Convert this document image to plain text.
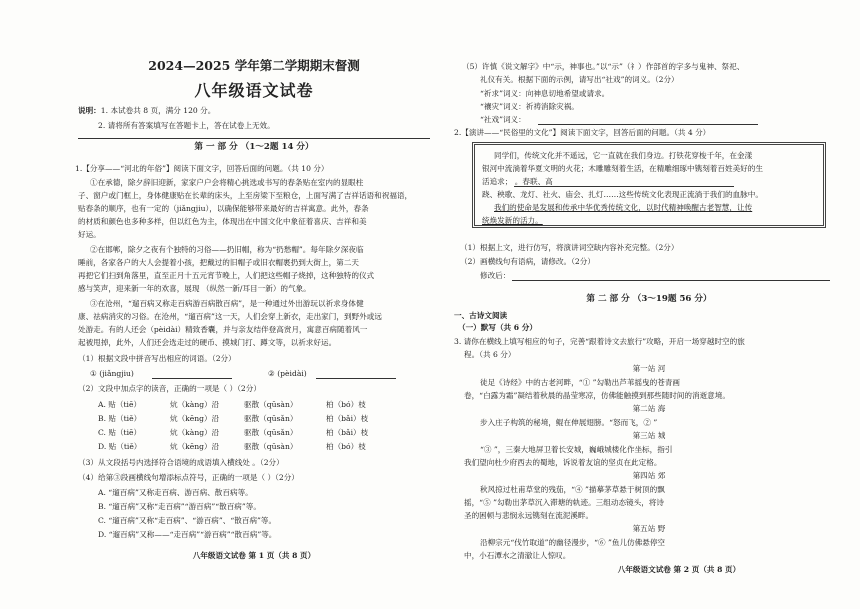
2024—2025 学年第二学期期末督测
八年级语文试卷
说明：1. 本试卷共 8 页，满分 120 分。
2. 请将所有答案填写在答题卡上，答在试卷上无效。
第 一 部 分 （1～2题 14 分）
1.【分享——“河北的年俗”】阅读下面文字，回答后面的问题。（共 10 分）
①在承德，除夕辞旧迎新，家家户户会将精心挑选或书写的春条贴在室内的显眼柱
子、窗户或门框上，身体健康贴在长辈的床头，上至房梁下至粮仓，上面写满了吉祥话语和祝福语，
贴春条的顺序，也有一定的（jiǎngjiu），以确保能够带来最好的吉祥寓意。此外，春条
的材质和颜色也多种多样，但以红色为主，体现出在中国文化中象征着喜庆、吉祥和美
好运。
②在邯郸，除夕之夜有个独特的习俗——扔旧帽，称为“扔愁帽”。每年除夕深夜临
睡前，各家各户的大人会提着小孩，把戴过的旧帽子或旧衣帽裹扔到大街上，第二天
再把它们扫到角落里，直至正月十五元宵节晚上，人们把这些帽子烧掉，这种独特的仪式
感与笑声，迎来新一年的欢喜，展现 （纵然一新/耳目一新）的气象。
③在沧州，“遛百病又称走百病游百病散百病”，是一种通过外出游玩以祈求身体健
康、祛病消灾的习俗。在沧州，“遛百病”这一天，人们会穿上新衣，走出家门，到野外或远
处游走。有的人还会（pèidài）精致香囊，并与亲友结伴登高赏月，寓意百病随着风一
起被甩掉，此外，人们还会选走过的硬币、摸城门打、蹲文等，以祈求好运。
（1）根据文段中拼音写出相应的词语。（2分）
① (jiǎngjiu)	② (pèidài)
（2）文段中加点字的读音，正确的一项是（ ）（2分）
A. 贴（tiē）	炕（kàng）沿	驱散（qūsàn）	柏（bó）枝
B. 贴（tiě）	炕（kēng）沿	驱散（qūsǎn）	柏（bǎi）枝
C. 贴（tiē）	炕（kàng）沿	驱散（qūsǎn）	柏（bǎi）枝
D. 贴（tiě）	炕（kēng）沿	驱散（qūsàn）	柏（bó）枝
（3）从文段括号内选择符合语境的成语填入横线处 。（2分）
（4）给第③段画横线句增添标点符号，正确的一项是（ ）（2分）
A. “遛百病”又称走百病、游百病、散百病等。
B. “遛百病”又称“走百病”“游百病”“散百病”等。
C. “遛百病”又称“走百病”、“游百病”、“散百病”等。
D. “遛百病”又称——“走百病”“游百病”“散百病”等。
八年级语文试卷 第 1 页（共 8 页）
（5）许慎《说文解字》中“示，神事也。”以“示”（礻）作部首的字多与鬼神、祭祀、
礼仪有关。根据下面的示例，请写出“社戏”的词义。（2分）
“祈求”词义：向神息切地希望或请求。
“禳灾”词义：祈祷消除灾祸。
“社戏”词义：
2.【演讲——“民俗里的文化”】阅读下面文字，回答后面的问题。（共 4 分）
同学们，传统文化并不遥远，它一直就在我们身边。打铁花穿梭千年，在金漾
银河中流淌着华夏文明的火花；木雕雕刻着生活，在精雕细琢中镌刻着百姓美好的生
活追求； 。春联、高
跷、秧歌、龙灯、社火、庙会、扎灯……这些传统文化表现正流淌于我们的血脉中。
我们的使命是发展和传承中华优秀传统文化，以时代精神唤醒古老智慧，让传
统焕发新的活力。
（1）根据上文，进行仿写，将演讲词空缺内容补充完整。（2分）
（2）画横线句有语病，请修改。（2分）
修改后：
第 二 部 分 （3～19题 56 分）
一、古诗文阅读
（一）默写（共 6 分）
3. 请你在横线上填写相应的句子，完善“跟着诗文去旅行”攻略，开启一场穿越时空的旅
程。（共 6 分）
第一站 河
徒足《诗经》中的古老河畔，“① ”勾勒出芦苇摇曳的苍青画
卷，“白露为霜”凝结着秋晨的晶莹寒凉，仿佛能触摸到那些随时间的消逝意境。
第二站 海
步入庄子构筑的秘境，鲲在伸展翅膀。“怒而飞，② ”
第三站 城
“③ ”，三秦大地屏卫着长安城，巍峨城楼化作坐标，指引
我们望向杜少府西去的蜀地，诉说着友谊的坚贞在此定格。
第四站 郊
秋风掠过杜甫草堂的残茄，“④ ”描摹茅草悬于树顶的飘
摇，“⑤ ”勾勒出茅草沉入滞塘的轨迹。三组动态镜头，将诗
圣的困顿与悲悯永远镌刻在流泥溪畔。
第五站 野
沿柳宗元“伐竹取道”的幽径漫步，“⑥ ”鱼儿仿佛悬停空
中，小石潭水之清澈让人惊叹。
八年级语文试卷 第 2 页（共 8 页）
